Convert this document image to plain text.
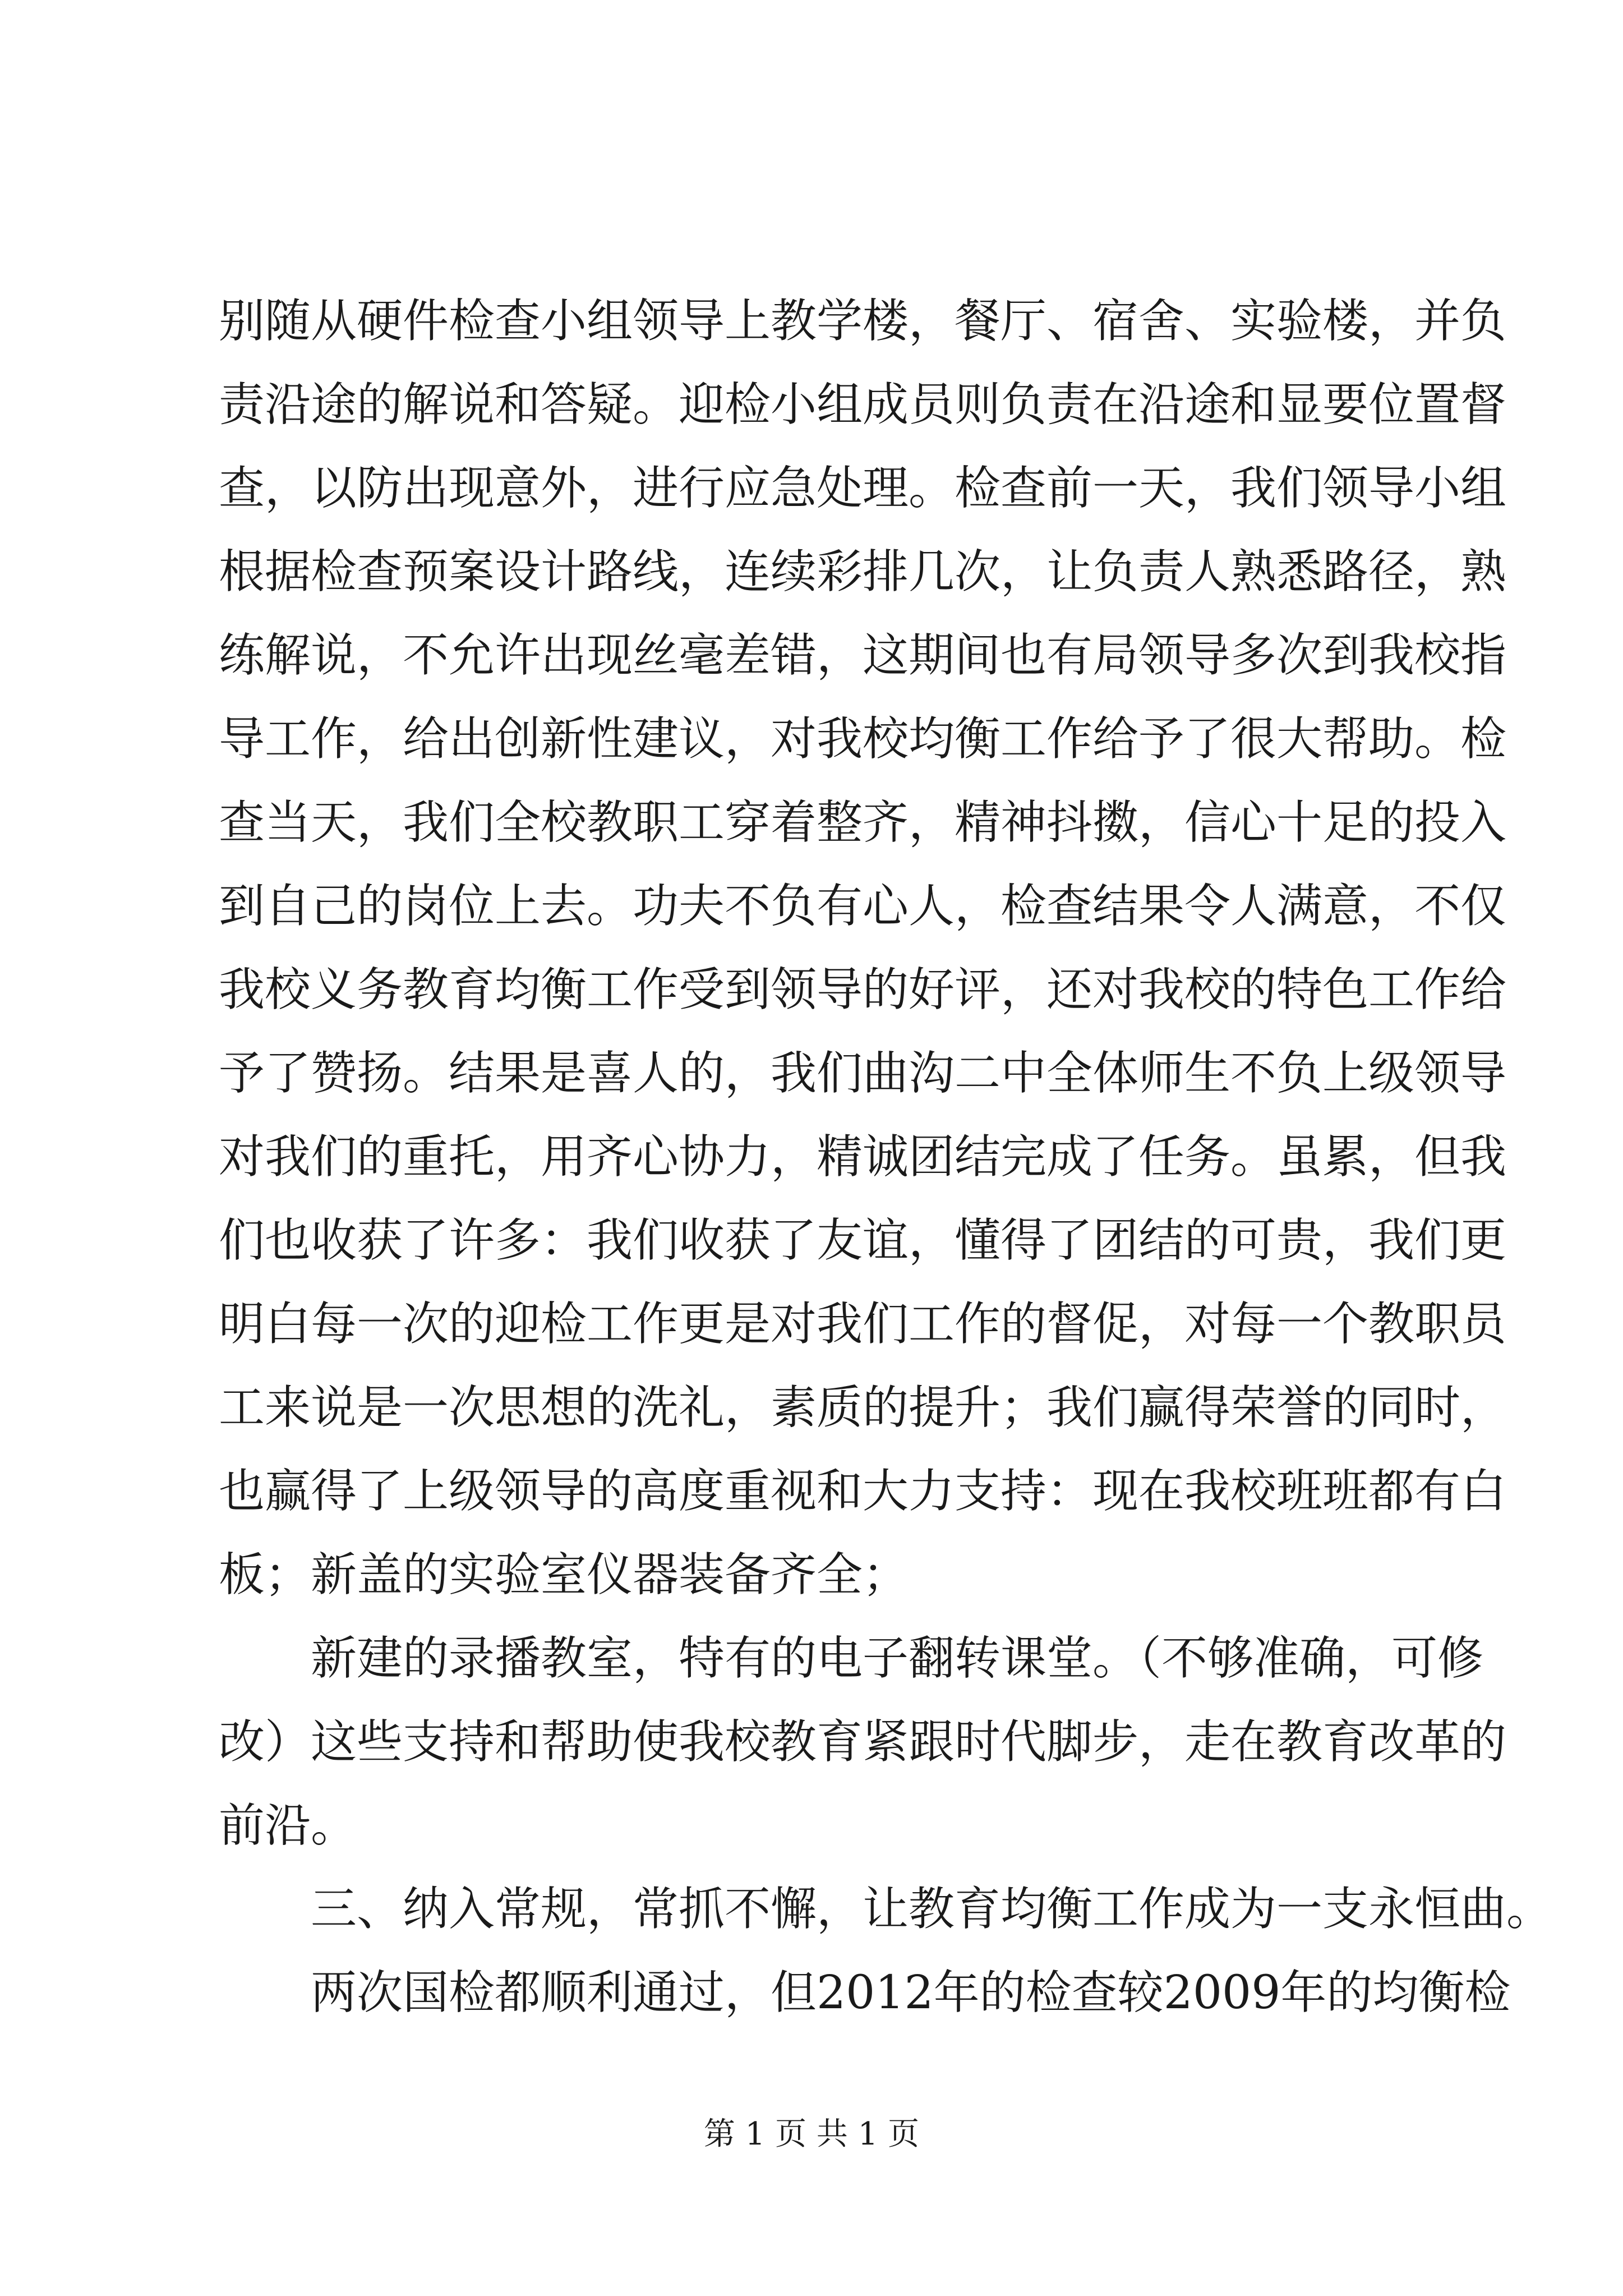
别随从硬件检查小组领导上教学楼，餐厅、宿舍、实验楼，并负
责沿途的解说和答疑。迎检小组成员则负责在沿途和显要位置督
查，以防出现意外，进行应急处理。检查前一天，我们领导小组
根据检查预案设计路线，连续彩排几次，让负责人熟悉路径，熟
练解说，不允许出现丝毫差错，这期间也有局领导多次到我校指
导工作，给出创新性建议，对我校均衡工作给予了很大帮助。检
查当天，我们全校教职工穿着整齐，精神抖擞，信心十足的投入
到自己的岗位上去。功夫不负有心人，检查结果令人满意，不仅
我校义务教育均衡工作受到领导的好评，还对我校的特色工作给
予了赞扬。结果是喜人的，我们曲沟二中全体师生不负上级领导
对我们的重托，用齐心协力，精诚团结完成了任务。虽累，但我
们也收获了许多：我们收获了友谊，懂得了团结的可贵，我们更
明白每一次的迎检工作更是对我们工作的督促，对每一个教职员
工来说是一次思想的洗礼，素质的提升；我们赢得荣誉的同时，
也赢得了上级领导的高度重视和大力支持：现在我校班班都有白
板；新盖的实验室仪器装备齐全；
新建的录播教室，特有的电子翻转课堂。（不够准确，可修
改）这些支持和帮助使我校教育紧跟时代脚步，走在教育改革的
前沿。
三、纳入常规，常抓不懈，让教育均衡工作成为一支永恒曲。
两次国检都顺利通过，但2012年的检查较2009年的均衡检
第 1 页 共 1 页
